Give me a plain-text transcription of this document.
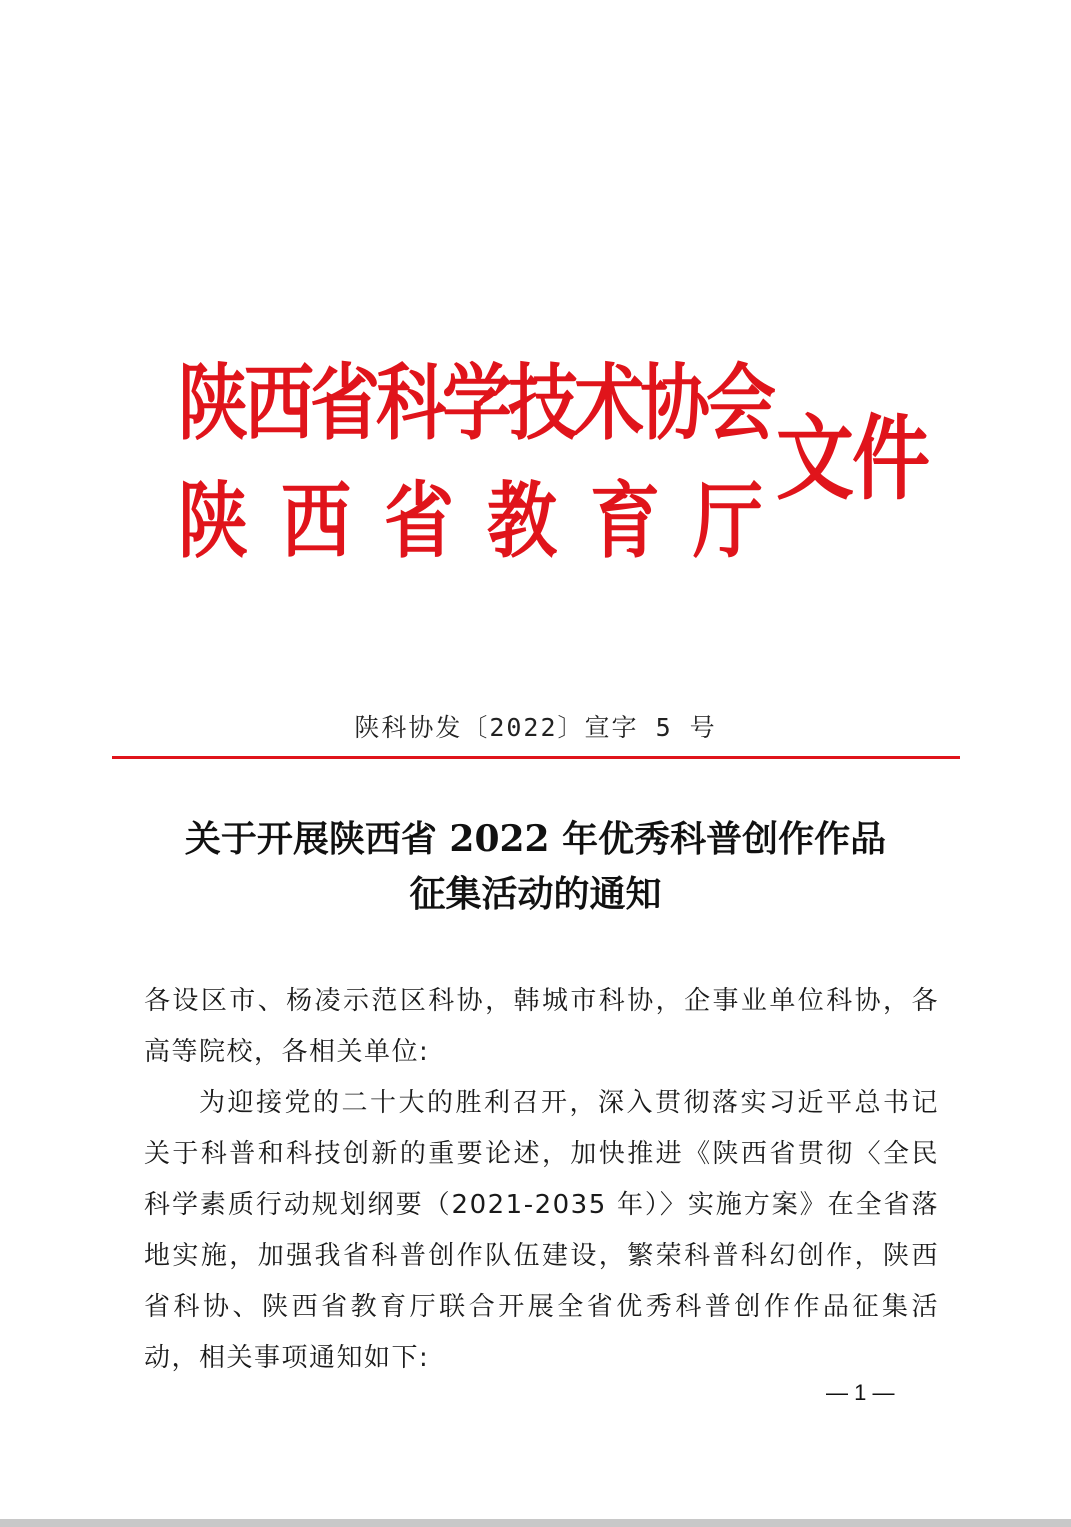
陕西省科学技术协会
陕西省教育厅
文件
陕科协发〔2022〕宣字 5 号
关于开展陕西省 2022 年优秀科普创作作品
征集活动的通知

各设区市、杨凌示范区科协，韩城市科协，企事业单位科协，各高等院校，各相关单位:

为迎接党的二十大的胜利召开，深入贯彻落实习近平总书记关于科普和科技创新的重要论述，加快推进《陕西省贯彻〈全民科学素质行动规划纲要（2021-2035 年）〉实施方案》在全省落地实施，加强我省科普创作队伍建设，繁荣科普科幻创作，陕西省科协、陕西省教育厅联合开展全省优秀科普创作作品征集活动，相关事项通知如下:

— 1 —
